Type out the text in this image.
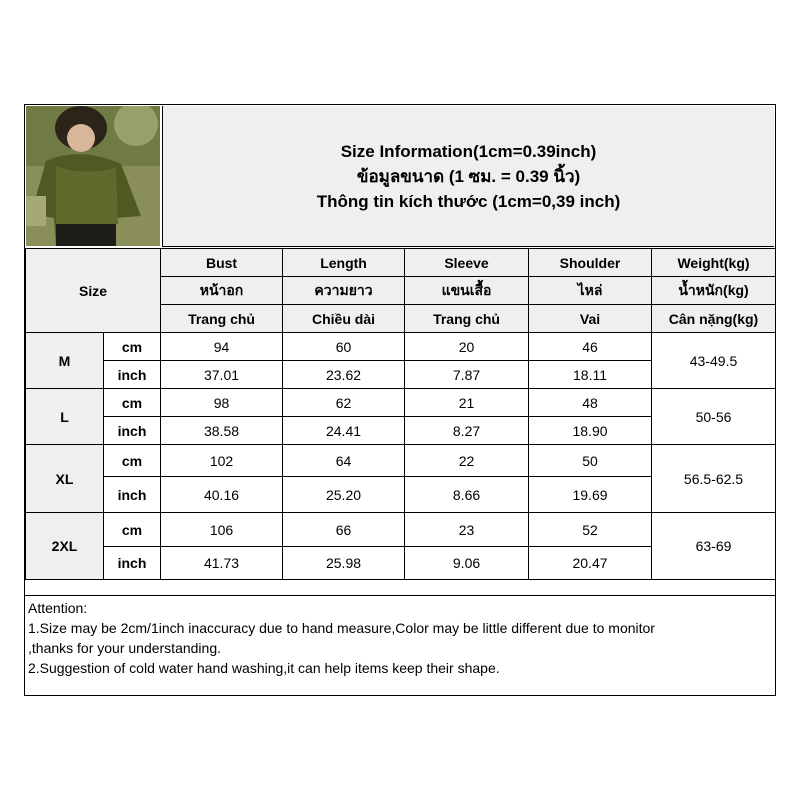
Size Information(1cm=0.39inch)
ข้อมูลขนาด (1 ซม. = 0.39 นิ้ว)
Thông tin kích thước (1cm=0,39 inch)
Size		Bust	Length	Sleeve	Shoulder	Weight(kg)
		หน้าอก	ความยาว	แขนเสื้อ	ไหล่	น้ำหนัก(kg)
		Trang chủ	Chiều dài	Trang chủ	Vai	Cân nặng(kg)
M	cm	94	60	20	46	43-49.5
	inch	37.01	23.62	7.87	18.11	
L	cm	98	62	21	48	50-56
	inch	38.58	24.41	8.27	18.90	
XL	cm	102	64	22	50	56.5-62.5
	inch	40.16	25.20	8.66	19.69	
2XL	cm	106	66	23	52	63-69
	inch	41.73	25.98	9.06	20.47	
Attention:
1.Size may be 2cm/1inch inaccuracy due to hand measure,Color may be little different due to monitor
,thanks for your understanding.
2.Suggestion of cold water hand washing,it can help items keep their shape.
